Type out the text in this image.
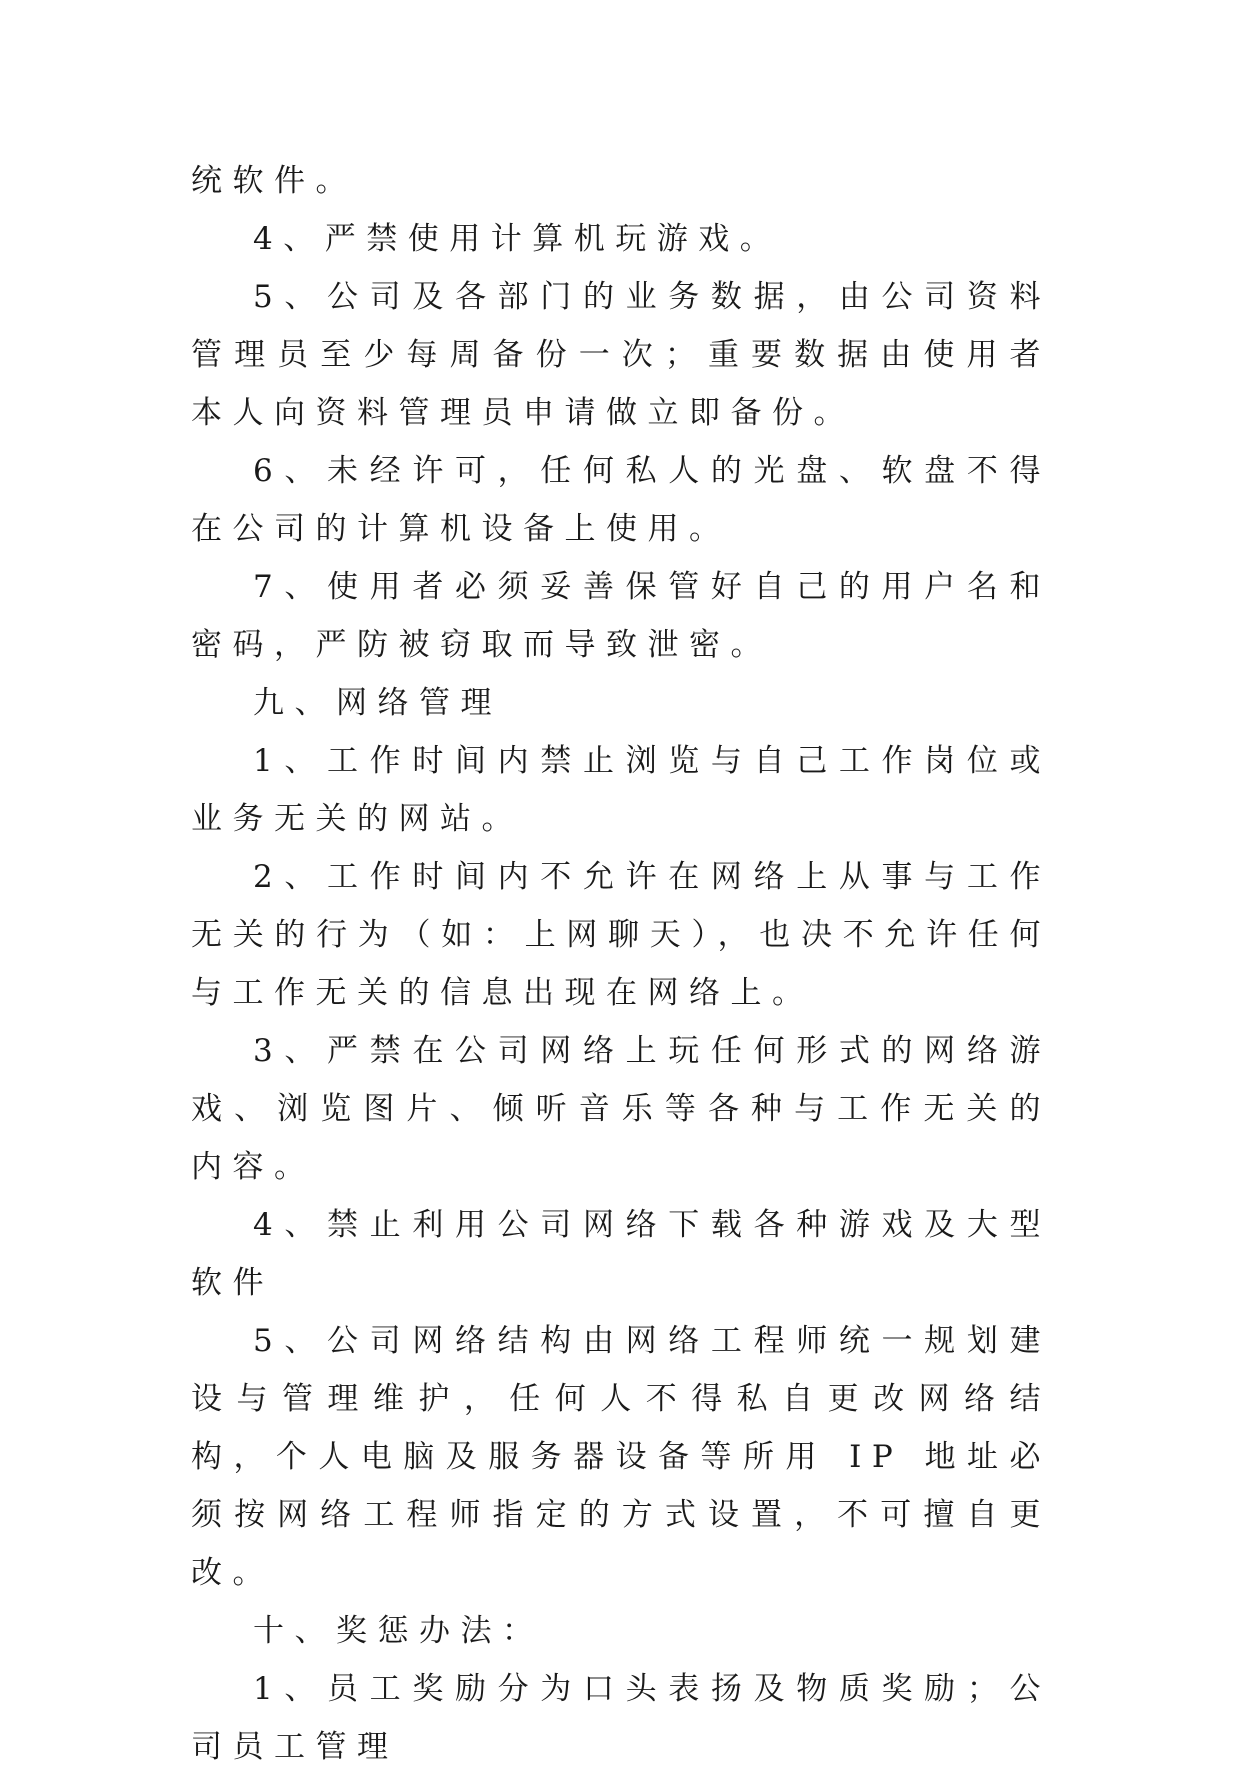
统软件。

4、严禁使用计算机玩游戏。

5、公司及各部门的业务数据，由公司资料管理员至少每周备份一次；重要数据由使用者本人向资料管理员申请做立即备份。

6、未经许可，任何私人的光盘、软盘不得在公司的计算机设备上使用。

7、使用者必须妥善保管好自己的用户名和密码，严防被窃取而导致泄密。

九、网络管理

1、工作时间内禁止浏览与自己工作岗位或业务无关的网站。

2、工作时间内不允许在网络上从事与工作无关的行为（如：上网聊天），也决不允许任何与工作无关的信息出现在网络上。

3、严禁在公司网络上玩任何形式的网络游戏、浏览图片、倾听音乐等各种与工作无关的内容。

4、禁止利用公司网络下载各种游戏及大型软件

5、公司网络结构由网络工程师统一规划建设与管理维护，任何人不得私自更改网络结构，个人电脑及服务器设备等所用 IP 地址必须按网络工程师指定的方式设置，不可擅自更改。

十、奖惩办法：

1、员工奖励分为口头表扬及物质奖励；公司员工管理
